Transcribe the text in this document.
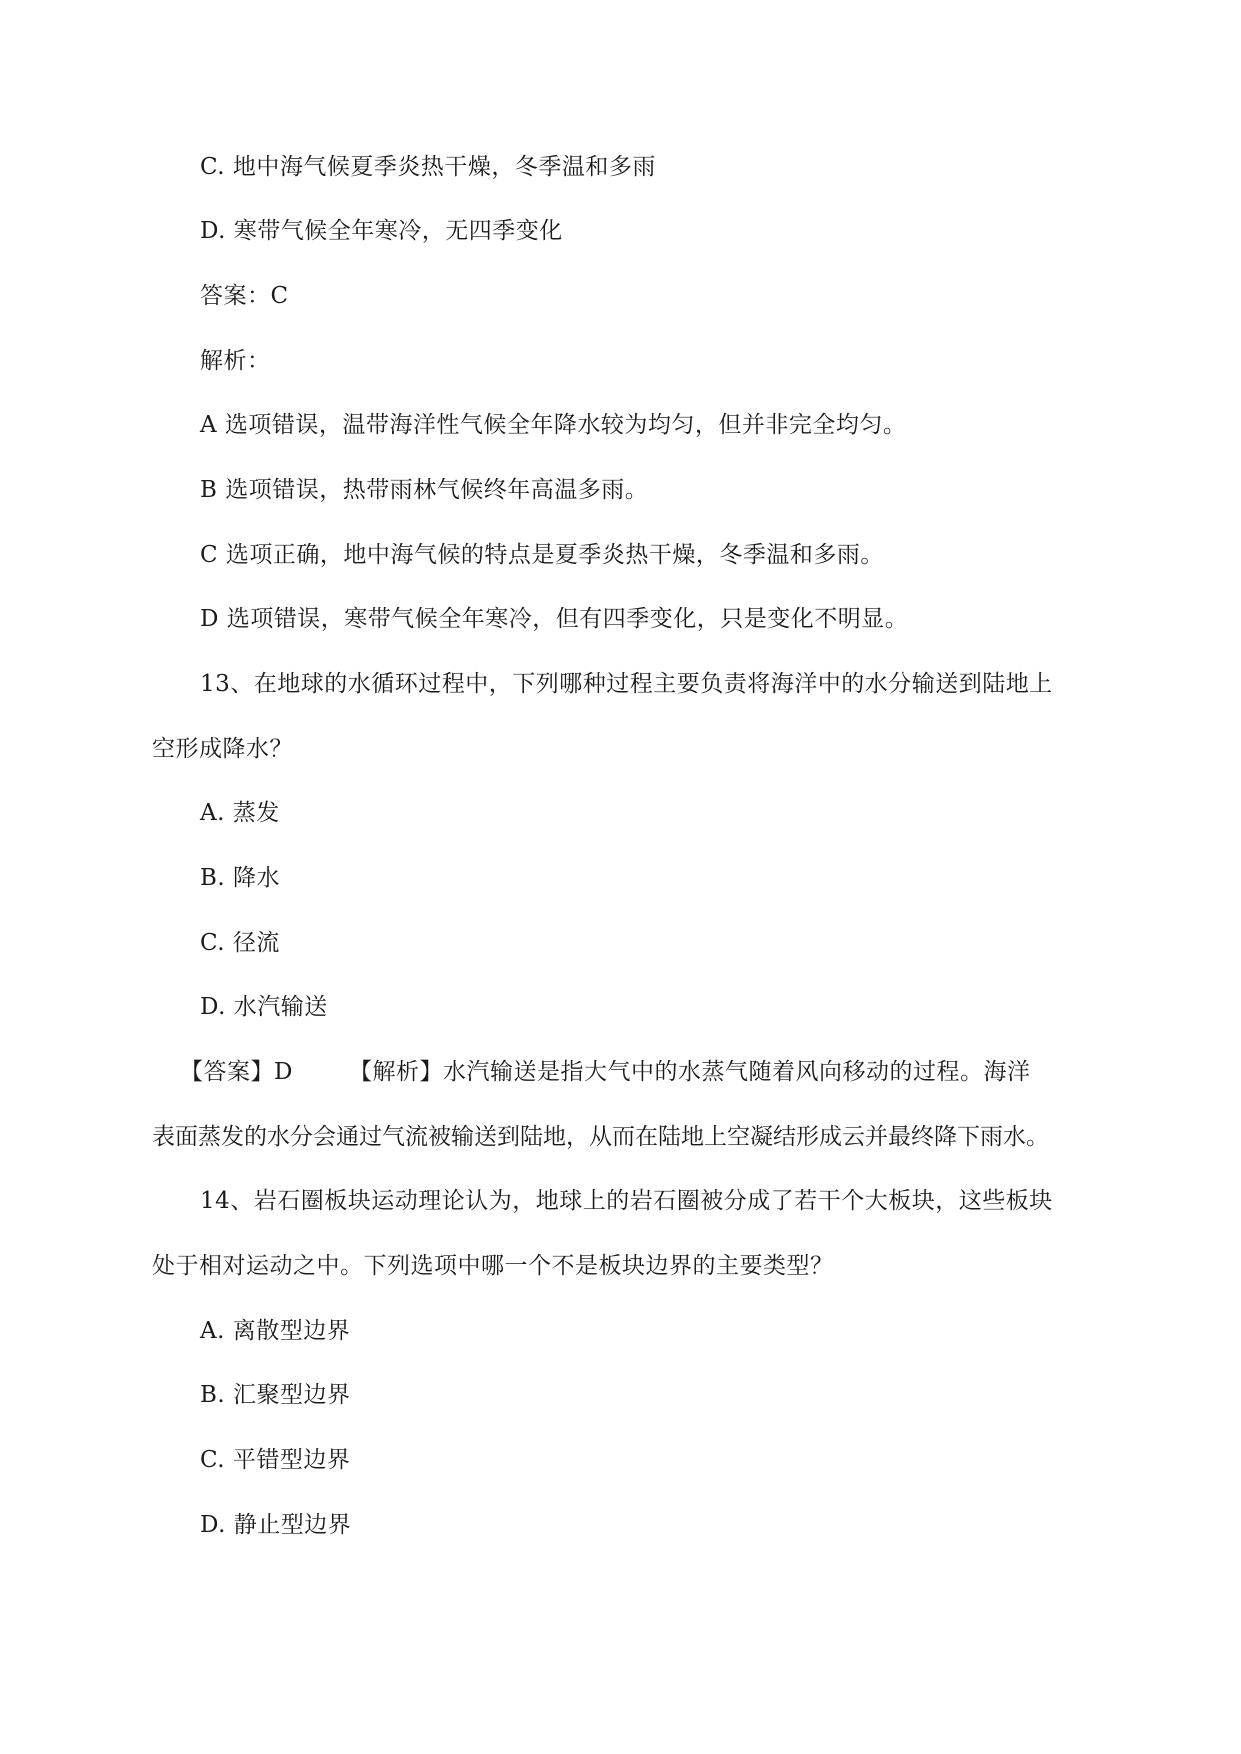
C. 地中海气候夏季炎热干燥，冬季温和多雨
D. 寒带气候全年寒冷，无四季变化
答案：C
解析：
A 选项错误，温带海洋性气候全年降水较为均匀，但并非完全均匀。
B 选项错误，热带雨林气候终年高温多雨。
C 选项正确，地中海气候的特点是夏季炎热干燥，冬季温和多雨。
D 选项错误，寒带气候全年寒冷，但有四季变化，只是变化不明显。
13、在地球的水循环过程中，下列哪种过程主要负责将海洋中的水分输送到陆地上
空形成降水？
A. 蒸发
B. 降水
C. 径流
D. 水汽输送
【答案】D 【解析】水汽输送是指大气中的水蒸气随着风向移动的过程。海洋
表面蒸发的水分会通过气流被输送到陆地，从而在陆地上空凝结形成云并最终降下雨水。
14、岩石圈板块运动理论认为，地球上的岩石圈被分成了若干个大板块，这些板块
处于相对运动之中。下列选项中哪一个不是板块边界的主要类型？
A. 离散型边界
B. 汇聚型边界
C. 平错型边界
D. 静止型边界
